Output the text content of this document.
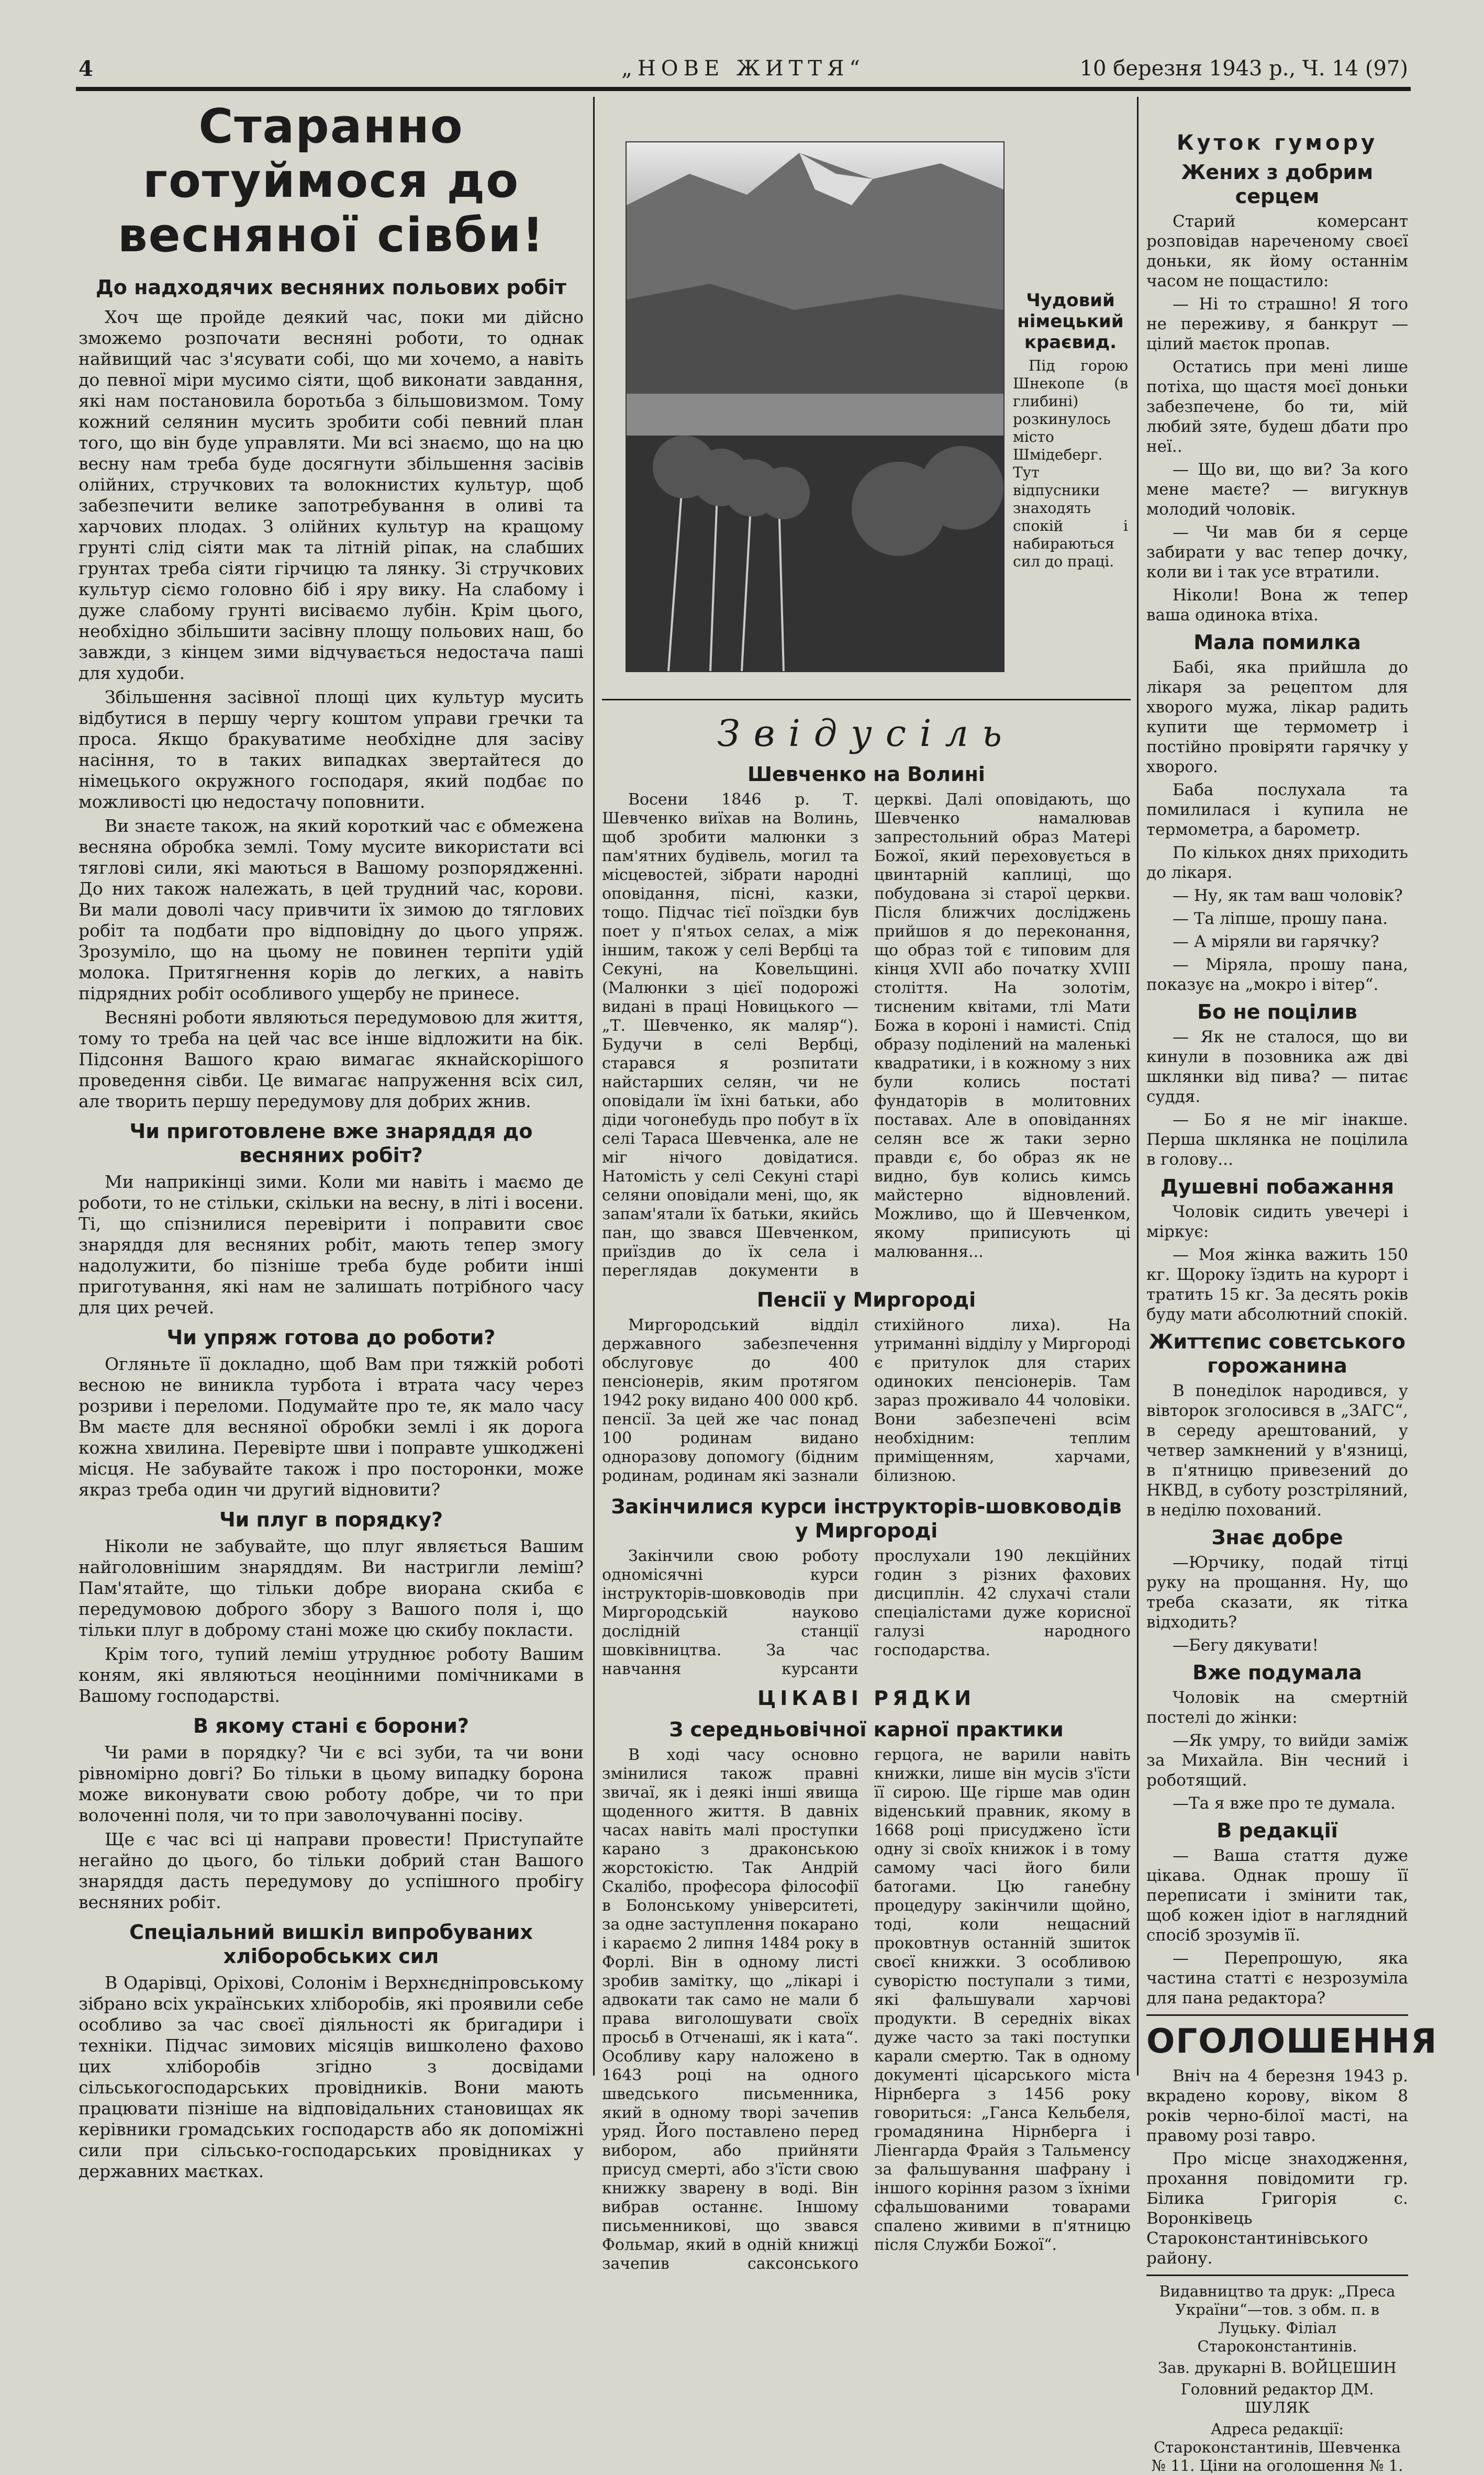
4	„НОВЕ ЖИТТЯ“	10 березня 1943 р., Ч. 14 (97)
Старанно готуймося до весняної сівби!
До надходячих весняних польових робіт

Хоч ще пройде деякий час, поки ми дійсно зможемо розпочати весняні роботи, то однак найвищий час з'ясувати собі, що ми хочемо, а навіть до певної міри мусимо сіяти, щоб виконати завдання, які нам постановила боротьба з більшовизмом. Тому кожний селянин мусить зробити собі певний план того, що він буде управляти. Ми всі знаємо, що на цю весну нам треба буде досягнути збільшення засівів олійних, стручкових та волокнистих культур, щоб забезпечити велике запотребування в оливі та харчових плодах. З олійних культур на кращому грунті слід сіяти мак та літній ріпак, на слабших грунтах треба сіяти гірчицю та лянку. Зі стручкових культур сіємо головно біб і яру вику. На слабому і дуже слабому грунті висіваємо лубін. Крім цього, необхідно збільшити засівну площу польових наш, бо завжди, з кінцем зими відчувається недостача паші для худоби.

Збільшення засівної площі цих культур мусить відбутися в першу чергу коштом управи гречки та проса. Якщо бракуватиме необхідне для засіву насіння, то в таких випадках звертайтеся до німецького окружного господаря, який подбає по можливості цю недостачу поповнити.

Ви знаєте також, на який короткий час є обмежена весняна обробка землі. Тому мусите використати всі тяглові сили, які маються в Вашому розпорядженні. До них також належать, в цей трудний час, корови. Ви мали доволі часу привчити їх зимою до тяглових робіт та подбати про відповідну до цього упряж. Зрозуміло, що на цьому не повинен терпіти удій молока. Притягнення корів до легких, а навіть підрядних робіт особливого ущербу не принесе.

Весняні роботи являються передумовою для життя, тому то треба на цей час все інше відложити на бік. Підсоння Вашого краю вимагає якнайскорішого проведення сівби. Це вимагає напруження всіх сил, але творить першу передумову для добрих жнив.

Чи приготовлене вже знаряддя до весняних робіт?

Ми наприкінці зими. Коли ми навіть і маємо де роботи, то не стільки, скільки на весну, в літі і восени. Ті, що спізнилися перевірити і поправити своє знаряддя для весняних робіт, мають тепер змогу надолужити, бо пізніше треба буде робити інші приготування, які нам не залишать потрібного часу для цих речей.

Чи упряж готова до роботи?

Огляньте її докладно, щоб Вам при тяжкій роботі весною не виникла турбота і втрата часу через розриви і переломи. Подумайте про те, як мало часу Вм маєте для весняної обробки землі і як дорога кожна хвилина. Перевірте шви і поправте ушкоджені місця. Не забувайте також і про посторонки, може якраз треба один чи другий відновити?

Чи плуг в порядку?

Ніколи не забувайте, що плуг являється Вашим найголовнішим знаряддям. Ви настригли леміш? Пам'ятайте, що тільки добре виорана скиба є передумовою доброго збору з Вашого поля і, що тільки плуг в доброму стані може цю скибу покласти.

Крім того, тупий леміш утруднює роботу Вашим коням, які являються неоцінними помічниками в Вашому господарстві.

В якому стані є борони?

Чи рами в порядку? Чи є всі зуби, та чи вони рівномірно довгі? Бо тільки в цьому випадку борона може виконувати свою роботу добре, чи то при волоченні поля, чи то при заволочуванні посіву.

Ще є час всі ці направи провести! Приступайте негайно до цього, бо тільки добрий стан Вашого знаряддя дасть передумову до успішного пробігу весняних робіт.

Спеціальний вишкіл випробуваних хліборобських сил

В Одарівці, Оріхові, Солонім і Верхнєдніпровському зібрано всіх українських хліборобів, які проявили себе особливо за час своєї діяльності як бригадири і техніки. Підчас зимових місяців вишколено фахово цих хліборобів згідно з досвідами сільськогосподарських провідників. Вони мають працювати пізніше на відповідальних становищах як керівники громадських господарств або як допоміжні сили при сільсько-господарських провідниках у державних маєтках.

Чудовий німецький краєвид.

Під горою Шнекопе (в глибині) розкинулось місто Шмідеберг. Тут відпусники знаходять спокій і набираються сил до праці.

Звідусіль
Шевченко на Волині

Восени 1846 р. Т. Шевченко виїхав на Волинь, щоб зробити малюнки з пам'ятних будівель, могил та місцевостей, зібрати народні оповідання, пісні, казки, тощо. Підчас тієї поїздки був поет у п'ятьох селах, а між іншим, також у селі Вербці та Секуні, на Ковельщині. (Малюнки з цієї подорожі видані в праці Новицького — „Т. Шевченко, як маляр“). Будучи в селі Вербці, старався я розпитати найстарших селян, чи не оповідали їм їхні батьки, або діди чогонебудь про побут в їх селі Тараса Шевченка, але не міг нічого довідатися. Натомість у селі Секуні старі селяни оповідали мені, що, як запам'ятали їх батьки, якийсь пан, що звався Шевченком, приїздив до їх села і переглядав документи в церкві. Далі оповідають, що Шевченко намалював запрестольний образ Матері Божої, який переховується в цвинтарній каплиці, що побудована зі старої церкви. Після ближчих досліджень прийшов я до переконання, що образ той є типовим для кінця XVII або початку XVIII століття. На золотім, тисненим квітами, тлі Мати Божа в короні і намисті. Спід образу поділений на маленькі квадратики, і в кожному з них були колись постаті фундаторів в молитовних поставах. Але в оповіданнях селян все ж таки зерно правди є, бо образ як не видно, був колись кимсь майстерно відновлений. Можливо, що й Шевченком, якому приписують ці малювання...

Пенсії у Миргороді

Миргородський відділ державного забезпечення обслуговує до 400 пенсіонерів, яким протягом 1942 року видано 400 000 крб. пенсії. За цей же час понад 100 родинам видано одноразову допомогу (бідним родинам, родинам які зазнали стихійного лиха). На утриманні відділу у Миргороді є притулок для старих одиноких пенсіонерів. Там зараз проживало 44 чоловіки. Вони забезпечені всім необхідним: теплим приміщенням, харчами, білизною.

Закінчилися курси інструкторів-шовководів у Миргороді

Закінчили свою роботу одномісячні курси інструкторів-шовководів при Миргородській науково дослідній станції шовківництва. За час навчання курсанти прослухали 190 лекційних годин з різних фахових дисциплін. 42 слухачі стали спеціалістами дуже корисної галузі народного господарства.

ЦІКАВІ РЯДКИ
З середньовічної карної практики

В ході часу основно змінилися також правні звичаї, як і деякі інші явища щоденного життя. В давніх часах навіть малі проступки карано з драконською жорстокістю. Так Андрій Скалібо, професора філософії в Болонському університеті, за одне заступлення покарано і караємо 2 липня 1484 року в Форлі. Він в одному листі зробив замітку, що „лікарі і адвокати так само не мали б права виголошувати своїх просьб в Отченаші, як і ката“. Особливу кару наложено в 1643 році на одного шведського письменника, який в одному творі зачепив уряд. Його поставлено перед вибором, або прийняти присуд смерті, або з'їсти свою книжку зварену в воді. Він вибрав останнє. Іншому письменникові, що звався Фольмар, який в одній книжці зачепив саксонського герцога, не варили навіть книжки, лише він мусів з'їсти її сирою. Ще гірше мав один віденський правник, якому в 1668 році присуджено їсти одну зі своїх книжок і в тому самому часі його били батогами. Цю ганебну процедуру закінчили щойно, тоді, коли нещасний проковтнув останній зшиток своєї книжки. З особливою суворістю поступали з тими, які фальшували харчові продукти. В середніх віках дуже часто за такі поступки карали смертю. Так в одному документі цісарського міста Нірнберга з 1456 року говориться: „Ганса Кельбеля, громадянина Нірнберга і Ліенгарда Фрайя з Тальменсу за фальшування шафрану і іншого коріння разом з їхніми сфальшованими товарами спалено живими в п'ятницю після Служби Божої“.

Куток гумору
Жених з добрим серцем

Старий комерсант розповідав нареченому своєї доньки, як йому останнім часом не пощастило:

— Ні то страшно! Я того не переживу, я банкрут — цілий маєток пропав.

Остатись при мені лише потіха, що щастя моєї доньки забезпечене, бо ти, мій любий зяте, будеш дбати про неї..

— Що ви, що ви? За кого мене маєте? — вигукнув молодий чоловік.

— Чи мав би я серце забирати у вас тепер дочку, коли ви і так усе втратили.

Ніколи! Вона ж тепер ваша одинока втіха.

Мала помилка

Бабі, яка прийшла до лікаря за рецептом для хворого мужа, лікар радить купити ще термометр і постійно провіряти гарячку у хворого.

Баба послухала та помилилася і купила не термометра, а барометр.

По кількох днях приходить до лікаря.

— Ну, як там ваш чоловік?

— Та ліпше, прошу пана.

— А міряли ви гарячку?

— Міряла, прошу пана, показує на „мокро і вітер“.

Бо не поцілив

— Як не сталося, що ви кинули в позовника аж дві шклянки від пива? — питає суддя.

— Бо я не міг інакше. Перша шклянка не поцілила в голову...

Душевні побажання

Чоловік сидить увечері і міркує:

— Моя жінка важить 150 кг. Щороку їздить на курорт і тратить 15 кг. За десять років буду мати абсолютний спокій.

Життєпис совєтського горожанина

В понеділок народився, у вівторок зголосився в „ЗАГС“, в середу арештований, у четвер замкнений у в'язниці, в п'ятницю привезений до НКВД, в суботу розстріляний, в неділю похований.

Знає добре

—Юрчику, подай тітці руку на прощання. Ну, що треба сказати, як тітка відходить?

—Бегу дякувати!

Вже подумала

Чоловік на смертній постелі до жінки:

—Як умру, то вийди заміж за Михайла. Він чесний і роботящий.

—Та я вже про те думала.

В редакції

— Ваша стаття дуже цікава. Однак прошу її переписати і змінити так, щоб кожен ідіот в наглядний спосіб зрозумів її.

— Перепрошую, яка частина статті є незрозуміла для пана редактора?

ОГОЛОШЕННЯ

Вніч на 4 березня 1943 р. вкрадено корову, віком 8 років черно-білої масті, на правому розі тавро.

Про місце знаходження, прохання повідомити гр. Білика Григорія с. Воронківець Староконстантинівського району.

Видавництво та друк: „Преса України“—тов. з обм. п. в Луцьку. Філіал Староконстантинів.

Зав. друкарні В. ВОЙЦЕШИН

Головний редактор ДМ. ШУЛЯК

Адреса редакції: Староконстантинів, Шевченка № 11. Ціни на оголошення № 1.
